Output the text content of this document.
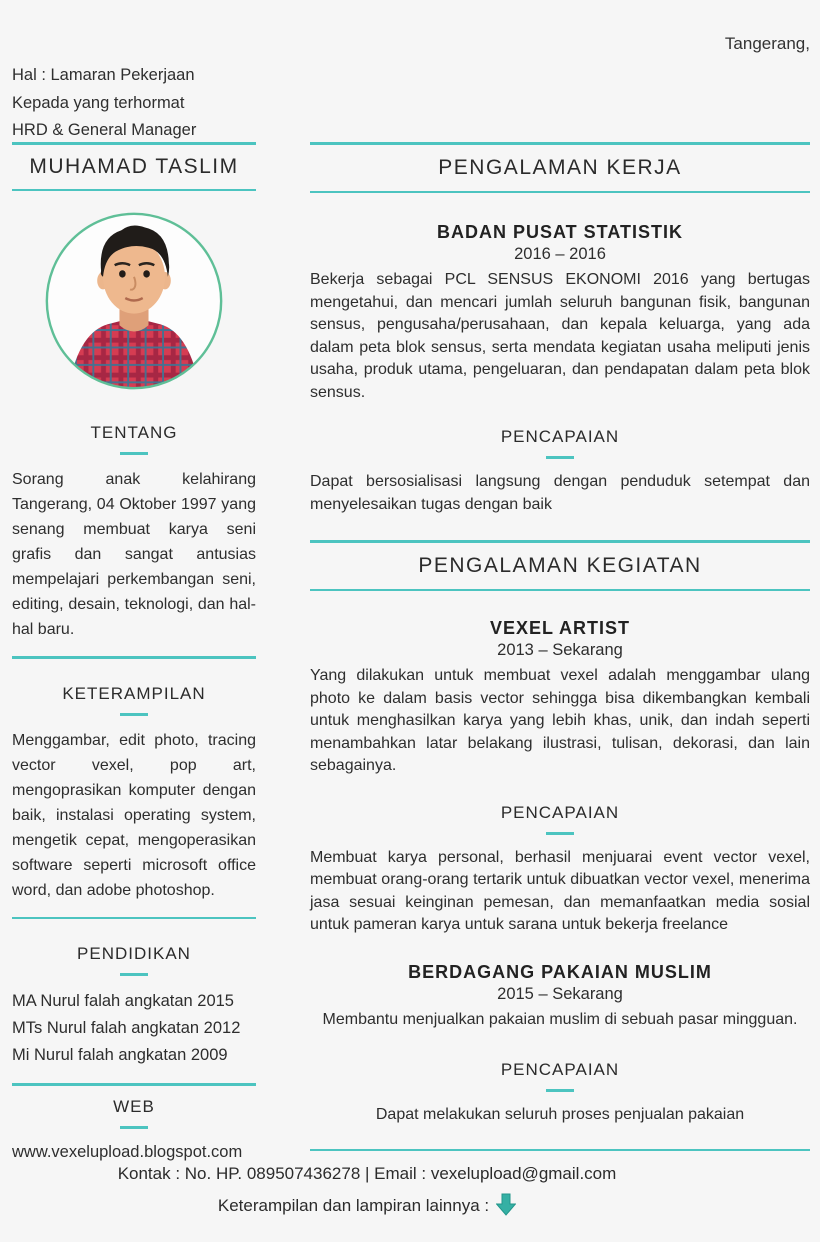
Tangerang,
Hal : Lamaran Pekerjaan
Kepada yang terhormat
HRD & General Manager
MUHAMAD TASLIM
TENTANG

Sorang anak kelahirang Tangerang, 04 Oktober 1997 yang senang membuat karya seni grafis dan sangat antusias mempelajari perkembangan seni, editing, desain, teknologi, dan hal-hal baru.

KETERAMPILAN

Menggambar, edit photo, tracing vector vexel, pop art, mengoprasikan komputer dengan baik, instalasi operating system, mengetik cepat, mengoperasikan software seperti microsoft office word, dan adobe photoshop.

PENDIDIKAN
MA Nurul falah angkatan 2015
MTs Nurul falah angkatan 2012
Mi Nurul falah angkatan 2009
WEB
www.vexelupload.blogspot.com
PENGALAMAN KERJA
BADAN PUSAT STATISTIK
2016 – 2016

Bekerja sebagai PCL SENSUS EKONOMI 2016 yang bertugas mengetahui, dan mencari jumlah seluruh bangunan fisik, bangunan sensus, pengusaha/perusahaan, dan kepala keluarga, yang ada dalam peta blok sensus, serta mendata kegiatan usaha meliputi jenis usaha, produk utama, pengeluaran, dan pendapatan dalam peta blok sensus.

PENCAPAIAN

Dapat bersosialisasi langsung dengan penduduk setempat dan menyelesaikan tugas dengan baik

PENGALAMAN KEGIATAN
VEXEL ARTIST
2013 – Sekarang

Yang dilakukan untuk membuat vexel adalah menggambar ulang photo ke dalam basis vector sehingga bisa dikembangkan kembali untuk menghasilkan karya yang lebih khas, unik, dan indah seperti menambahkan latar belakang ilustrasi, tulisan, dekorasi, dan lain sebagainya.

PENCAPAIAN

Membuat karya personal, berhasil menjuarai event vector vexel, membuat orang-orang tertarik untuk dibuatkan vector vexel, menerima jasa sesuai keinginan pemesan, dan memanfaatkan media sosial untuk pameran karya untuk sarana untuk bekerja freelance

BERDAGANG PAKAIAN MUSLIM
2015 – Sekarang

Membantu menjualkan pakaian muslim di sebuah pasar mingguan.

PENCAPAIAN

Dapat melakukan seluruh proses penjualan pakaian

Kontak : No. HP. 089507436278 | Email : vexelupload@gmail.com
Keterampilan dan lampiran lainnya :
